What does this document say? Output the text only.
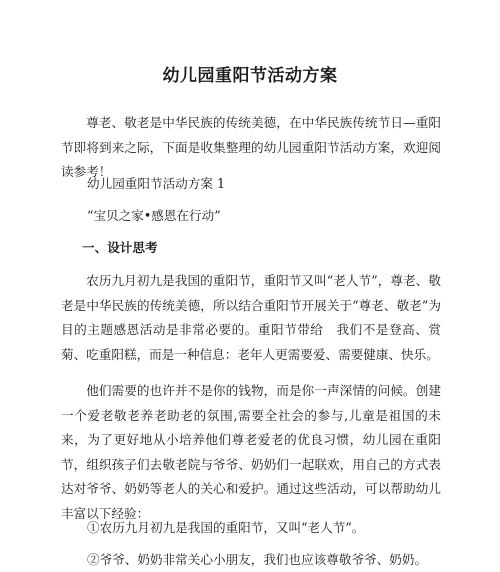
幼儿园重阳节活动方案

尊老、敬老是中华民族的传统美德，在中华民族传统节日—重阳节即将到来之际，下面是收集整理的幼儿园重阳节活动方案，欢迎阅读参考！

幼儿园重阳节活动方案 1

“宝贝之家•感恩在行动”

一、设计思考

农历九月初九是我国的重阳节，重阳节又叫“老人节”，尊老、敬老是中华民族的传统美德，所以结合重阳节开展关于“尊老、敬老”为目的主题感恩活动是非常必要的。重阳节带给　我们不是登高、赏菊、吃重阳糕，而是一种信息：老年人更需要爱、需要健康、快乐。

他们需要的也许并不是你的钱物，而是你一声深情的问候。创建一个爱老敬老养老助老的氛围,需要全社会的参与,儿童是祖国的未来，为了更好地从小培养他们尊老爱老的优良习惯，幼儿园在重阳节，组织孩子们去敬老院与爷爷、奶奶们一起联欢，用自己的方式表达对爷爷、奶奶等老人的关心和爱护。通过这些活动，可以帮助幼儿丰富以下经验：

①农历九月初九是我国的重阳节，又叫“老人节”。

②爷爷、奶奶非常关心小朋友，我们也应该尊敬爷爷、奶奶。
